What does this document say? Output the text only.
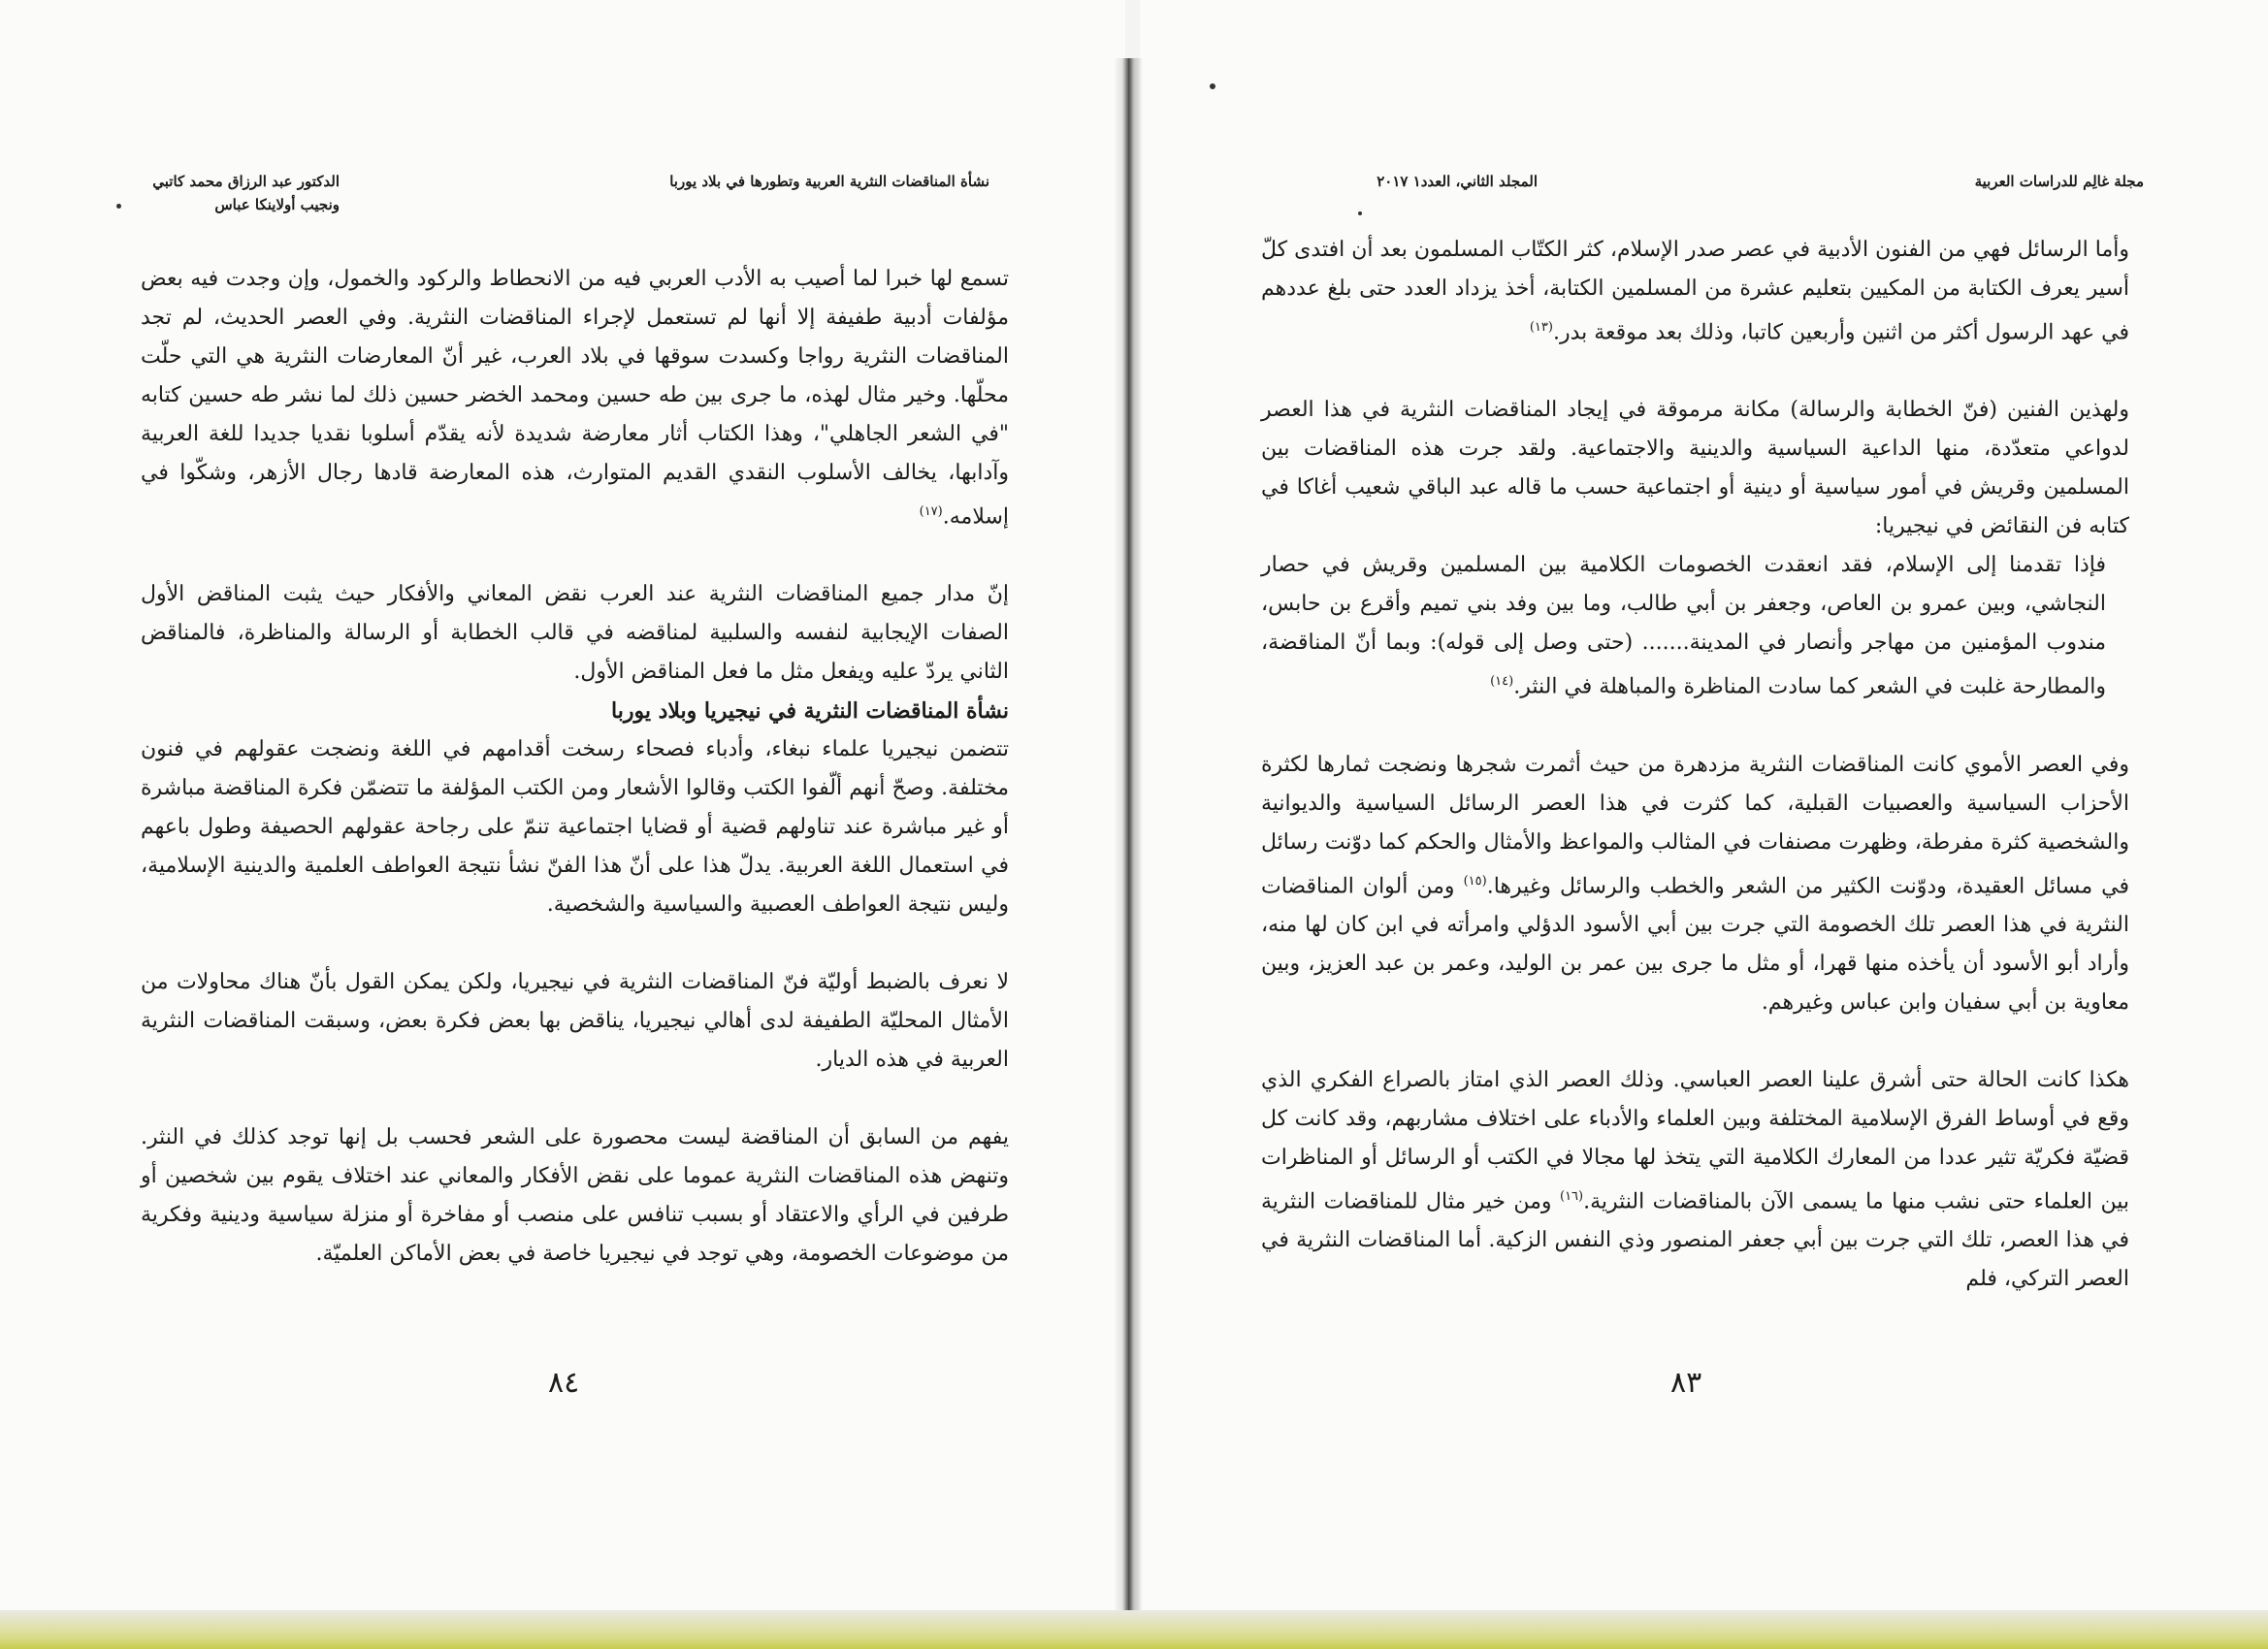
الدكتور عبد الرزاق محمد كاتبي
ونجيب أولاينكا عباس
نشأة المناقضات النثرية العربية وتطورها في بلاد يوربا

تسمع لها خبرا لما أصيب به الأدب العربي فيه من الانحطاط والركود والخمول، وإن وجدت فيه بعض مؤلفات أدبية طفيفة إلا أنها لم تستعمل لإجراء المناقضات النثرية. وفي العصر الحديث، لم تجد المناقضات النثرية رواجا وكسدت سوقها في بلاد العرب، غير أنّ المعارضات النثرية هي التي حلّت محلّها. وخير مثال لهذه، ما جرى بين طه حسين ومحمد الخضر حسين ذلك لما نشر طه حسين كتابه "في الشعر الجاهلي"، وهذا الكتاب أثار معارضة شديدة لأنه يقدّم أسلوبا نقديا جديدا للغة العربية وآدابها، يخالف الأسلوب النقدي القديم المتوارث، هذه المعارضة قادها رجال الأزهر، وشكّوا في إسلامه.$^{(١٧)}$

إنّ مدار جميع المناقضات النثرية عند العرب نقض المعاني والأفكار حيث يثبت المناقض الأول الصفات الإيجابية لنفسه والسلبية لمناقضه في قالب الخطابة أو الرسالة والمناظرة، فالمناقض الثاني يردّ عليه ويفعل مثل ما فعل المناقض الأول.

نشأة المناقضات النثرية في نيجيريا وبلاد يوربا

تتضمن نيجيريا علماء نبغاء، وأدباء فصحاء رسخت أقدامهم في اللغة ونضجت عقولهم في فنون مختلفة. وصحّ أنهم ألّفوا الكتب وقالوا الأشعار ومن الكتب المؤلفة ما تتضمّن فكرة المناقضة مباشرة أو غير مباشرة عند تناولهم قضية أو قضايا اجتماعية تنمّ على رجاحة عقولهم الحصيفة وطول باعهم في استعمال اللغة العربية. يدلّ هذا على أنّ هذا الفنّ نشأ نتيجة العواطف العلمية والدينية الإسلامية، وليس نتيجة العواطف العصبية والسياسية والشخصية.

لا نعرف بالضبط أوليّة فنّ المناقضات النثرية في نيجيريا، ولكن يمكن القول بأنّ هناك محاولات من الأمثال المحليّة الطفيفة لدى أهالي نيجيريا، يناقض بها بعض فكرة بعض، وسبقت المناقضات النثرية العربية في هذه الديار.

يفهم من السابق أن المناقضة ليست محصورة على الشعر فحسب بل إنها توجد كذلك في النثر. وتنهض هذه المناقضات النثرية عموما على نقض الأفكار والمعاني عند اختلاف يقوم بين شخصين أو طرفين في الرأي والاعتقاد أو بسبب تنافس على منصب أو مفاخرة أو منزلة سياسية ودينية وفكرية من موضوعات الخصومة، وهي توجد في نيجيريا خاصة في بعض الأماكن العلميّة.

٨٤
المجلد الثاني، العدد١ ٢٠١٧	مجلة غالِم للدراسات العربية

وأما الرسائل فهي من الفنون الأدبية في عصر صدر الإسلام، كثر الكتّاب المسلمون بعد أن افتدى كلّ أسير يعرف الكتابة من المكيين بتعليم عشرة من المسلمين الكتابة، أخذ يزداد العدد حتى بلغ عددهم في عهد الرسول أكثر من اثنين وأربعين كاتبا، وذلك بعد موقعة بدر.$^{(١٣)}$

ولهذين الفنين (فنّ الخطابة والرسالة) مكانة مرموقة في إيجاد المناقضات النثرية في هذا العصر لدواعي متعدّدة، منها الداعية السياسية والدينية والاجتماعية. ولقد جرت هذه المناقضات بين المسلمين وقريش في أمور سياسية أو دينية أو اجتماعية حسب ما قاله عبد الباقي شعيب أغاكا في كتابه فن النقائض في نيجيريا:

فإذا تقدمنا إلى الإسلام، فقد انعقدت الخصومات الكلامية بين المسلمين وقريش في حصار النجاشي، وبين عمرو بن العاص، وجعفر بن أبي طالب، وما بين وفد بني تميم وأقرع بن حابس، مندوب المؤمنين من مهاجر وأنصار في المدينة....... (حتى وصل إلى قوله): وبما أنّ المناقضة، والمطارحة غلبت في الشعر كما سادت المناظرة والمباهلة في النثر.$^{(١٤)}$

وفي العصر الأموي كانت المناقضات النثرية مزدهرة من حيث أثمرت شجرها ونضجت ثمارها لكثرة الأحزاب السياسية والعصبيات القبلية، كما كثرت في هذا العصر الرسائل السياسية والديوانية والشخصية كثرة مفرطة، وظهرت مصنفات في المثالب والمواعظ والأمثال والحكم كما دوّنت رسائل في مسائل العقيدة، ودوّنت الكثير من الشعر والخطب والرسائل وغيرها.$^{(١٥)}$ ومن ألوان المناقضات النثرية في هذا العصر تلك الخصومة التي جرت بين أبي الأسود الدؤلي وامرأته في ابن كان لها منه، وأراد أبو الأسود أن يأخذه منها قهرا، أو مثل ما جرى بين عمر بن الوليد، وعمر بن عبد العزيز، وبين معاوية بن أبي سفيان وابن عباس وغيرهم.

هكذا كانت الحالة حتى أشرق علينا العصر العباسي. وذلك العصر الذي امتاز بالصراع الفكري الذي وقع في أوساط الفرق الإسلامية المختلفة وبين العلماء والأدباء على اختلاف مشاربهم، وقد كانت كل قضيّة فكريّة تثير عددا من المعارك الكلامية التي يتخذ لها مجالا في الكتب أو الرسائل أو المناظرات بين العلماء حتى نشب منها ما يسمى الآن بالمناقضات النثرية.$^{(١٦)}$ ومن خير مثال للمناقضات النثرية في هذا العصر، تلك التي جرت بين أبي جعفر المنصور وذي النفس الزكية. أما المناقضات النثرية في العصر التركي، فلم

٨٣
